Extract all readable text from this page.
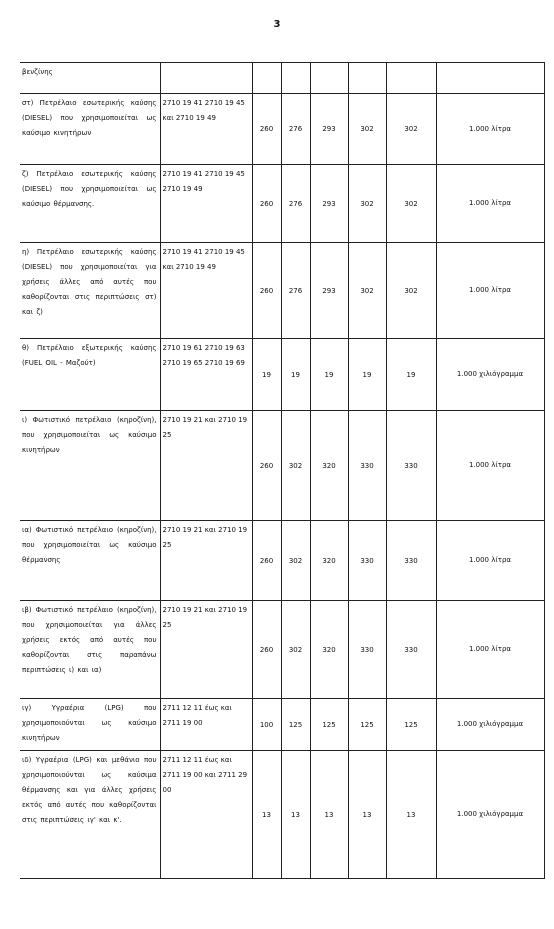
3
βενζίνης							
στ) Πετρέλαιο εσωτερικής καύσης (DIESEL) που χρησιμοποιείται ως καύσιμο κινητήρων	2710 19 41 2710 19 45 και 2710 19 49	260	276	293	302	302	1.000 λίτρα
ζ) Πετρέλαιο εσωτερικής καύσης (DIESEL) που χρησιμοποιείται ως καύσιμο θέρμανσης.	2710 19 41 2710 19 45 2710 19 49	260	276	293	302	302	1.000 λίτρα
η) Πετρέλαιο εσωτερικής καύσης (DIESEL) που χρησιμοποιείται για χρήσεις άλλες από αυτές που καθορίζονται στις περιπτώσεις στ) και ζ)	2710 19 41 2710 19 45 και 2710 19 49	260	276	293	302	302	1.000 λίτρα
θ) Πετρέλαιο εξωτερικής καύσης (FUEL OIL - Μαζούτ)	2710 19 61 2710 19 63 2710 19 65 2710 19 69	19	19	19	19	19	1.000 χιλιόγραμμα
ι) Φωτιστικό πετρέλαιο (κηροζίνη), που χρησιμοποιείται ως καύσιμο κινητήρων	2710 19 21 και 2710 19 25	260	302	320	330	330	1.000 λίτρα
ια) Φωτιστικό πετρέλαιο (κηροζίνη), που χρησιμοποιείται ως καύσιμο θέρμανσης	2710 19 21 και 2710 19 25	260	302	320	330	330	1.000 λίτρα
ιβ) Φωτιστικό πετρέλαιο (κηροζίνη), που χρησιμοποιείται για άλλες χρήσεις εκτός από αυτές που καθορίζονται στις παραπάνω περιπτώσεις ι) και ια)	2710 19 21 και 2710 19 25	260	302	320	330	330	1.000 λίτρα
ιγ) Υγραέρια (LPG) που χρησιμοποιούνται ως καύσιμο κινητήρων	2711 12 11 έως και 2711 19 00	100	125	125	125	125	1.000 χιλιόγραμμα
ιδ) Υγραέρια (LPG) και μεθάνιο που χρησιμοποιούνται ως καύσιμα θέρμανσης και για άλλες χρήσεις εκτός από αυτές που καθορίζονται στις περιπτώσεις ιγ' και κ'.	2711 12 11 έως και 2711 19 00 και 2711 29 00	13	13	13	13	13	1.000 χιλιόγραμμα
